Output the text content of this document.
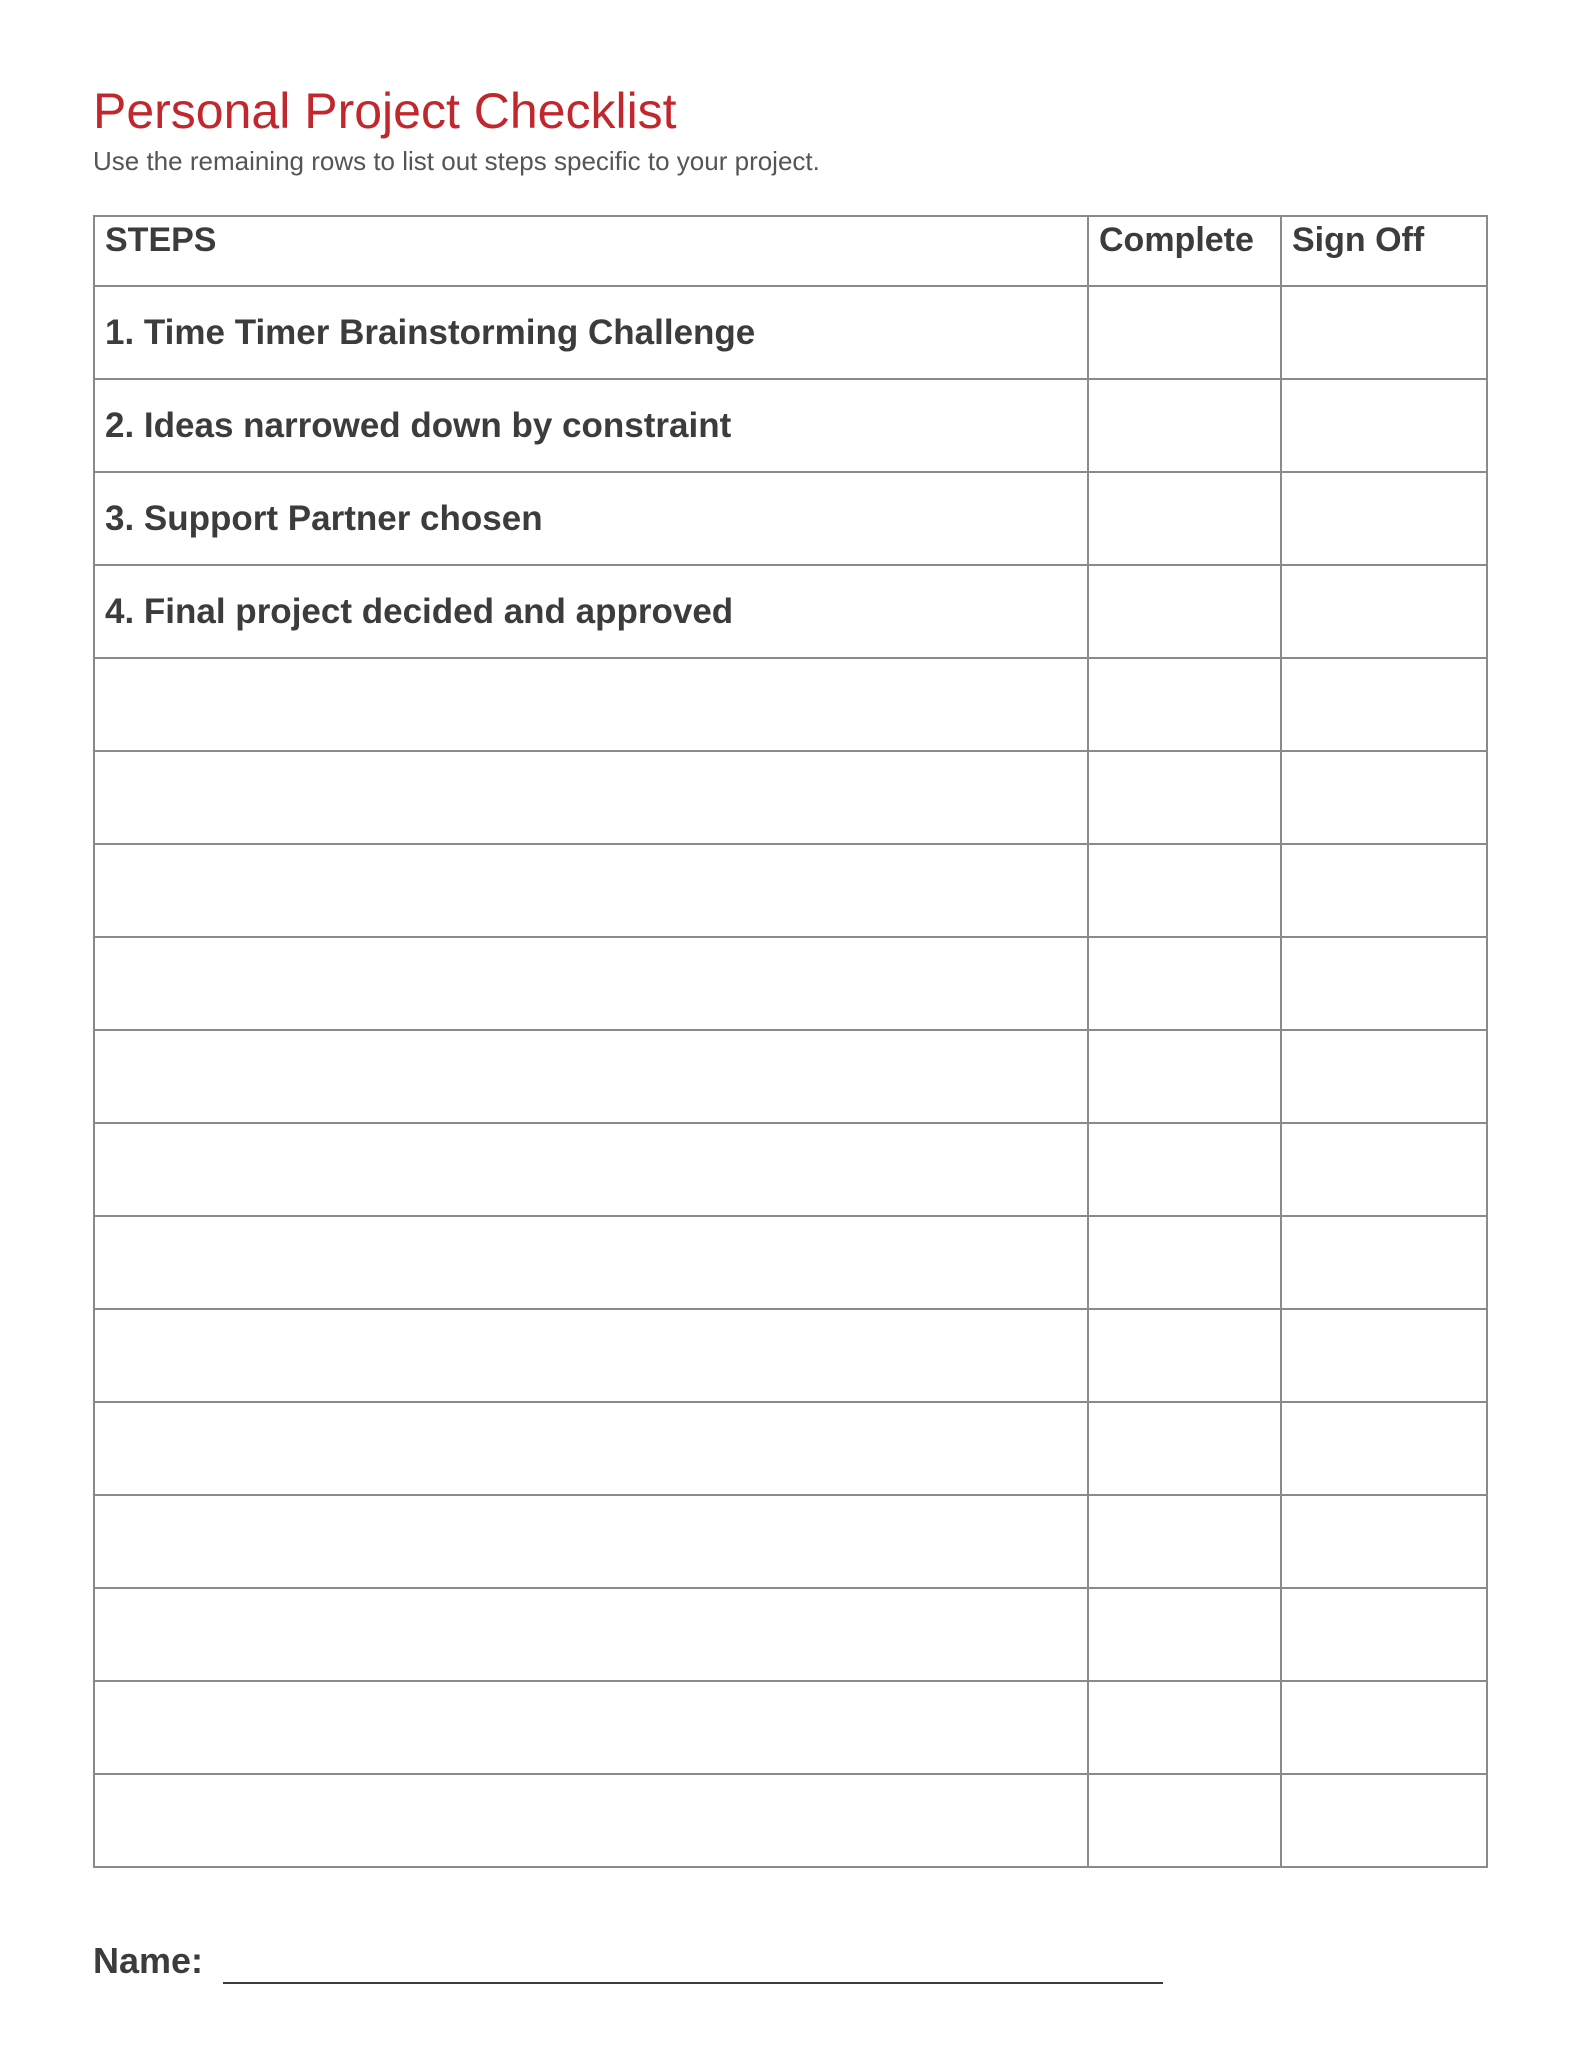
Personal Project Checklist

Use the remaining rows to list out steps specific to your project.

STEPS	Complete	Sign Off
1. Time Timer Brainstorming Challenge		
2. Ideas narrowed down by constraint		
3. Support Partner chosen		
4. Final project decided and approved		

Name:
